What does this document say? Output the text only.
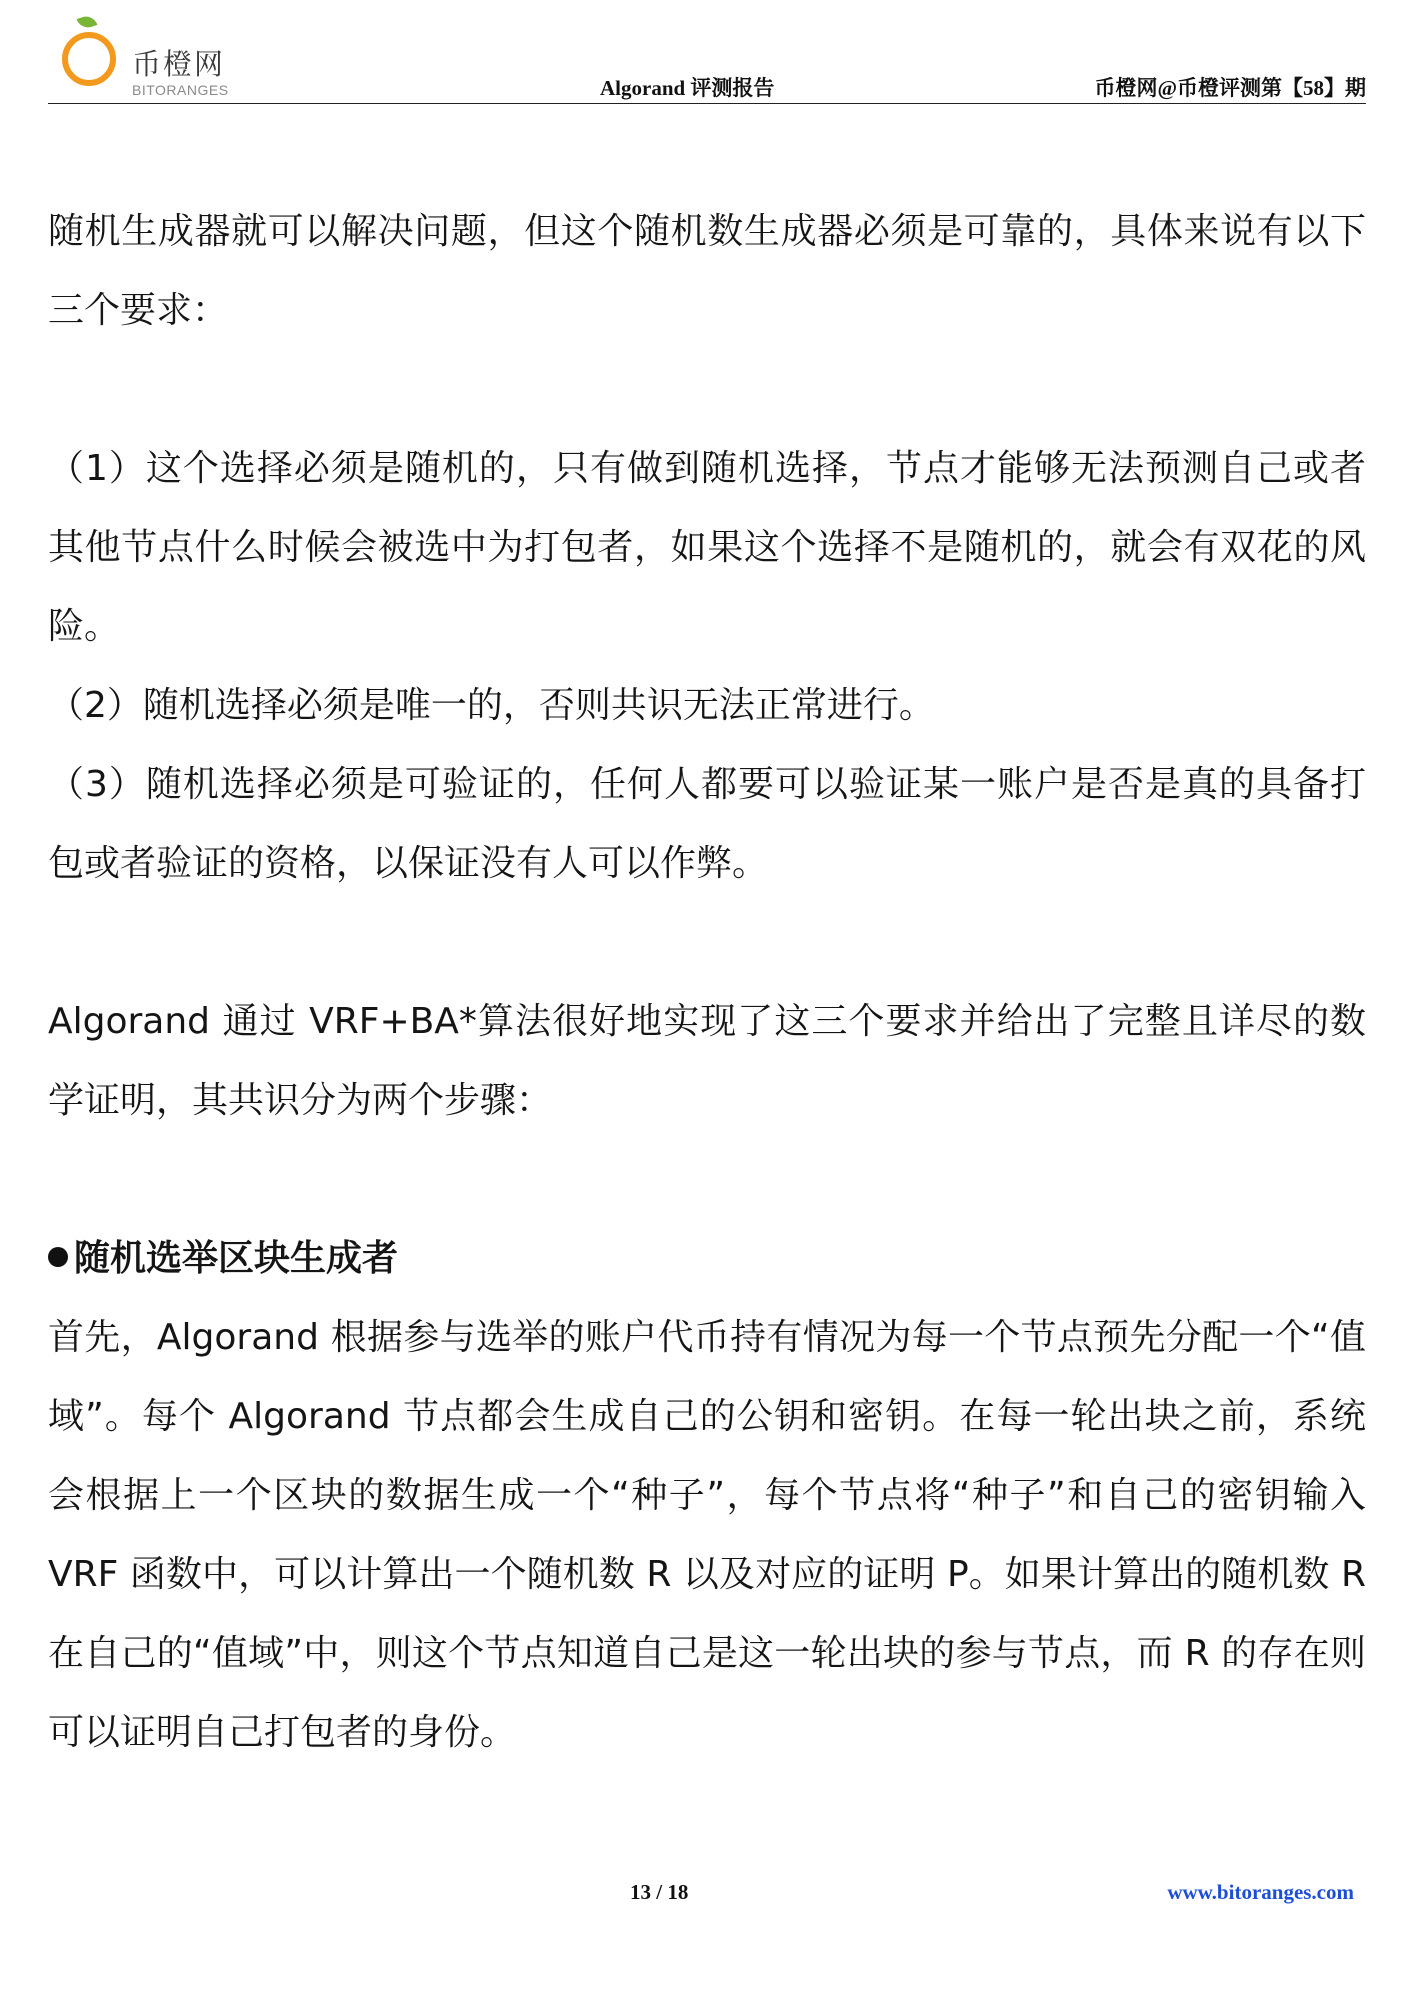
币橙网
BITORANGES	Algorand 评测报告	币橙网@币橙评测第【58】期

随机生成器就可以解决问题，但这个随机数生成器必须是可靠的，具体来说有以下三个要求：

（1）这个选择必须是随机的，只有做到随机选择，节点才能够无法预测自己或者其他节点什么时候会被选中为打包者，如果这个选择不是随机的，就会有双花的风险。

（2）随机选择必须是唯一的，否则共识无法正常进行。

（3）随机选择必须是可验证的，任何人都要可以验证某一账户是否是真的具备打包或者验证的资格，以保证没有人可以作弊。

Algorand 通过 VRF+BA*算法很好地实现了这三个要求并给出了完整且详尽的数学证明，其共识分为两个步骤：

随机选举区块生成者

首先，Algorand 根据参与选举的账户代币持有情况为每一个节点预先分配一个“值域”。每个 Algorand 节点都会生成自己的公钥和密钥。在每一轮出块之前，系统会根据上一个区块的数据生成一个“种子”，每个节点将“种子”和自己的密钥输入 VRF 函数中，可以计算出一个随机数 R 以及对应的证明 P。如果计算出的随机数 R 在自己的“值域”中，则这个节点知道自己是这一轮出块的参与节点，而 R 的存在则可以证明自己打包者的身份。

13 / 18	www.bitoranges.com
